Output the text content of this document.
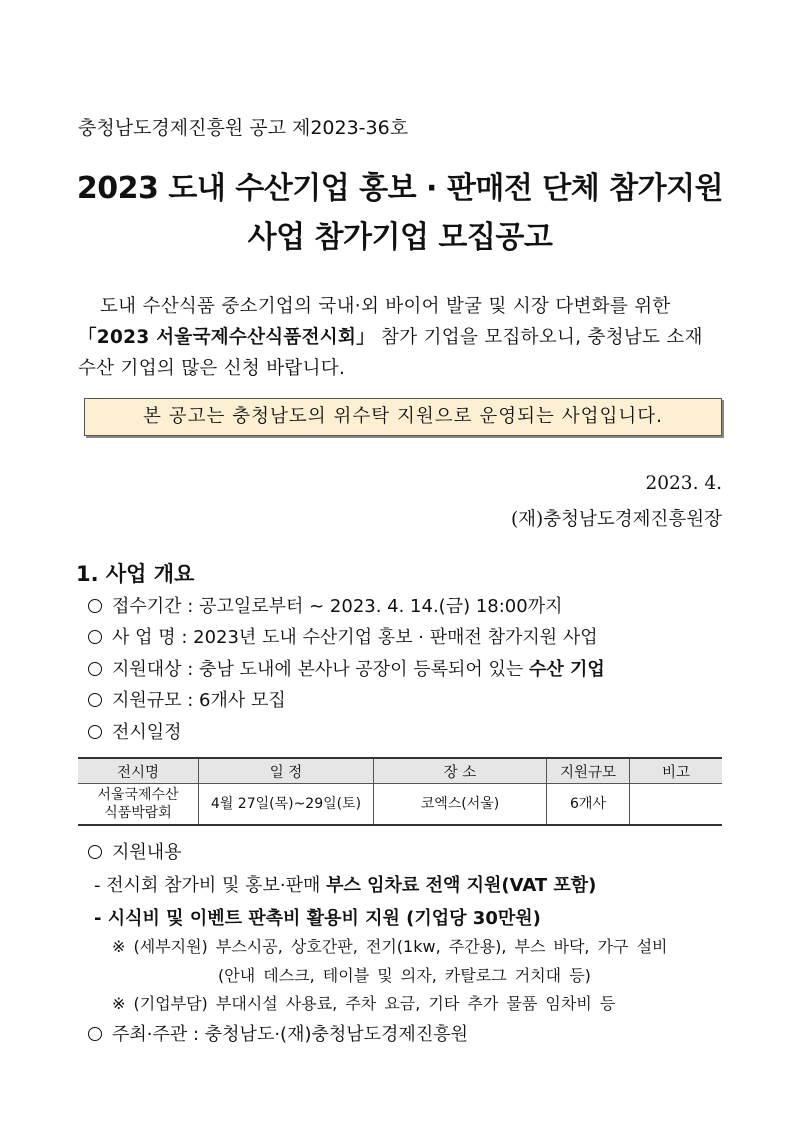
충청남도경제진흥원 공고 제2023-36호
2023 도내 수산기업 홍보 · 판매전 단체 참가지원
사업 참가기업 모집공고
도내 수산식품 중소기업의 국내·외 바이어 발굴 및 시장 다변화를 위한
「2023 서울국제수산식품전시회」 참가 기업을 모집하오니, 충청남도 소재
수산 기업의 많은 신청 바랍니다.
본 공고는 충청남도의 위수탁 지원으로 운영되는 사업입니다.
2023. 4.
(재)충청남도경제진흥원장
1. 사업 개요
접수기간 : 공고일로부터 ~ 2023. 4. 14.(금) 18:00까지
사 업 명 : 2023년 도내 수산기업 홍보 · 판매전 참가지원 사업
지원대상 : 충남 도내에 본사나 공장이 등록되어 있는 수산 기업
지원규모 : 6개사 모집
전시일정
전시명	일 정	장 소	지원규모	비고
서울국제수산
식품박람회	4월 27일(목)~29일(토)	코엑스(서울)	6개사	
지원내용
- 전시회 참가비 및 홍보·판매 부스 임차료 전액 지원(VAT 포함)
- 시식비 및 이벤트 판촉비 활용비 지원 (기업당 30만원)
※ (세부지원) 부스시공, 상호간판, 전기(1kw, 주간용), 부스 바닥, 가구 설비
(안내 데스크, 테이블 및 의자, 카탈로그 거치대 등)
※ (기업부담) 부대시설 사용료, 주차 요금, 기타 추가 물품 임차비 등
주최·주관 : 충청남도·(재)충청남도경제진흥원
